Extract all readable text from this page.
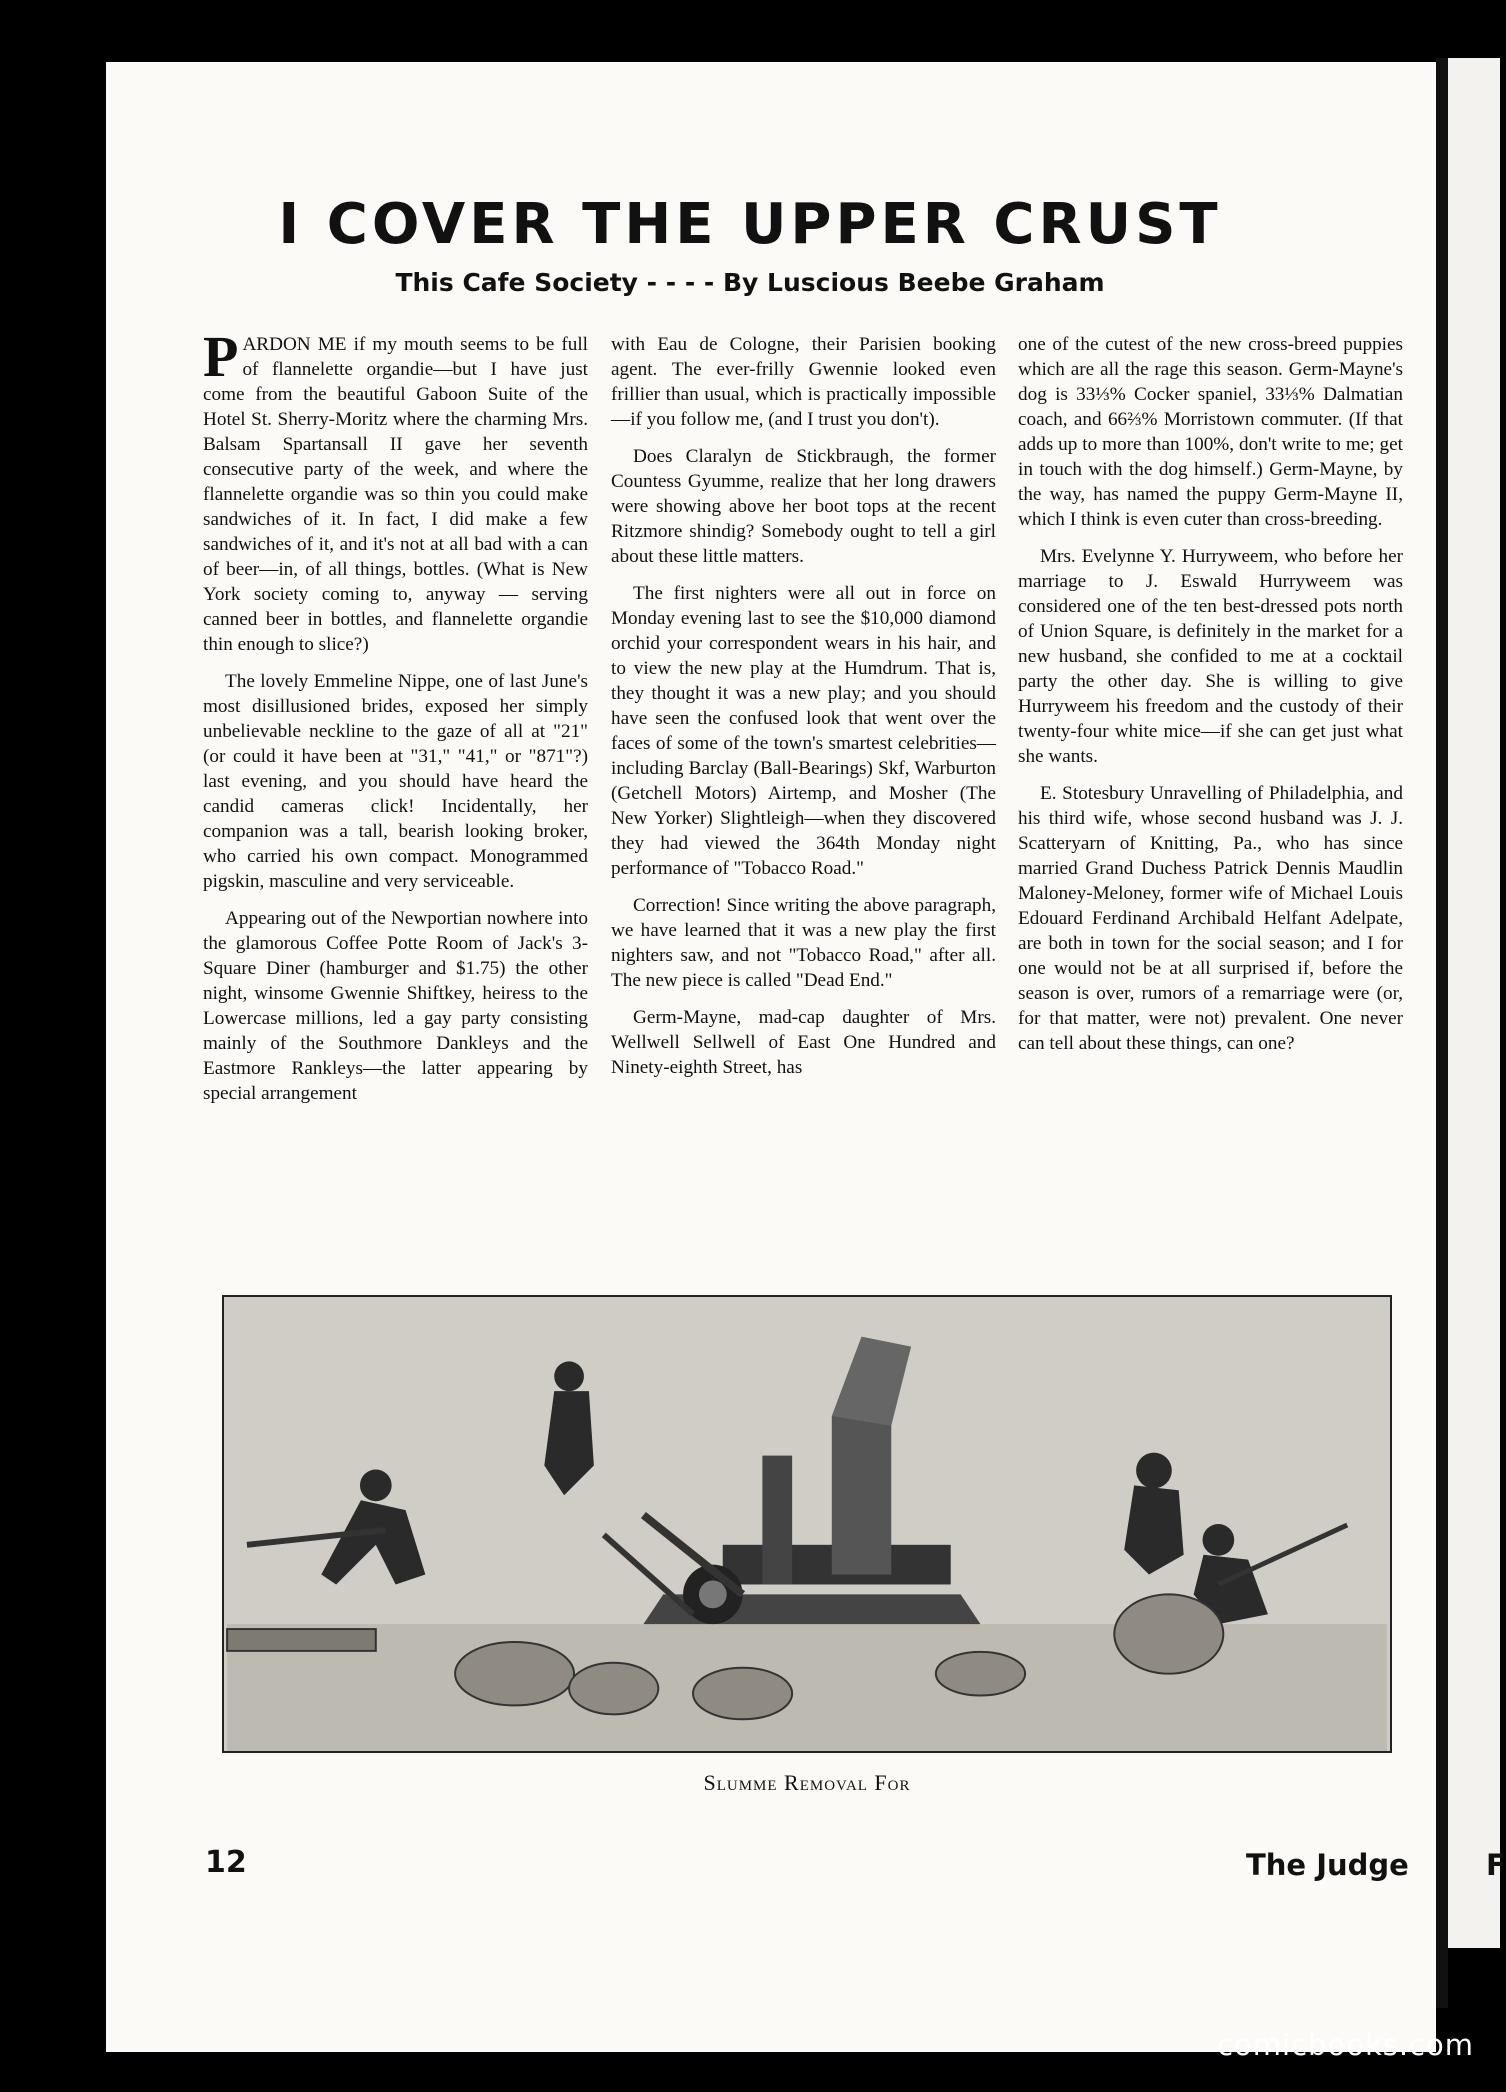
I COVER THE UPPER CRUST
This Cafe Society - - - - By Luscious Beebe Graham

PARDON ME if my mouth seems to be full of flannelette organdie—but I have just come from the beautiful Gaboon Suite of the Hotel St. Sherry-Moritz where the charming Mrs. Balsam Spartansall II gave her seventh consecutive party of the week, and where the flannelette organdie was so thin you could make sandwiches of it. In fact, I did make a few sandwiches of it, and it's not at all bad with a can of beer—in, of all things, bottles. (What is New York society coming to, anyway — serving canned beer in bottles, and flannelette organdie thin enough to slice?)

The lovely Emmeline Nippe, one of last June's most disillusioned brides, exposed her simply unbelievable neckline to the gaze of all at "21" (or could it have been at "31," "41," or "871"?) last evening, and you should have heard the candid cameras click! Incidentally, her companion was a tall, bearish looking broker, who carried his own compact. Monogrammed pigskin, masculine and very serviceable.

Appearing out of the Newportian nowhere into the glamorous Coffee Potte Room of Jack's 3-Square Diner (hamburger and $1.75) the other night, winsome Gwennie Shiftkey, heiress to the Lowercase millions, led a gay party consisting mainly of the Southmore Dankleys and the Eastmore Rankleys—the latter appearing by special arrangement

with Eau de Cologne, their Parisien booking agent. The ever-frilly Gwennie looked even frillier than usual, which is practically impossible—if you follow me, (and I trust you don't).

Does Claralyn de Stickbraugh, the former Countess Gyumme, realize that her long drawers were showing above her boot tops at the recent Ritzmore shindig? Somebody ought to tell a girl about these little matters.

The first nighters were all out in force on Monday evening last to see the $10,000 diamond orchid your correspondent wears in his hair, and to view the new play at the Humdrum. That is, they thought it was a new play; and you should have seen the confused look that went over the faces of some of the town's smartest celebrities—including Barclay (Ball-Bearings) Skf, Warburton (Getchell Motors) Airtemp, and Mosher (The New Yorker) Slightleigh—when they discovered they had viewed the 364th Monday night performance of "Tobacco Road."

Correction! Since writing the above paragraph, we have learned that it was a new play the first nighters saw, and not "Tobacco Road," after all. The new piece is called "Dead End."

Germ-Mayne, mad-cap daughter of Mrs. Wellwell Sellwell of East One Hundred and Ninety-eighth Street, has

one of the cutest of the new cross-breed puppies which are all the rage this season. Germ-Mayne's dog is 33⅓% Cocker spaniel, 33⅓% Dalmatian coach, and 66⅔% Morristown commuter. (If that adds up to more than 100%, don't write to me; get in touch with the dog himself.) Germ-Mayne, by the way, has named the puppy Germ-Mayne II, which I think is even cuter than cross-breeding.

Mrs. Evelynne Y. Hurryweem, who before her marriage to J. Eswald Hurryweem was considered one of the ten best-dressed pots north of Union Square, is definitely in the market for a new husband, she confided to me at a cocktail party the other day. She is willing to give Hurryweem his freedom and the custody of their twenty-four white mice—if she can get just what she wants.

E. Stotesbury Unravelling of Philadelphia, and his third wife, whose second husband was J. J. Scatteryarn of Knitting, Pa., who has since married Grand Duchess Patrick Dennis Maudlin Maloney-Meloney, former wife of Michael Louis Edouard Ferdinand Archibald Helfant Adelpate, are both in town for the social season; and I for one would not be at all surprised if, before the season is over, rumors of a remarriage were (or, for that matter, were not) prevalent. One never can tell about these things, can one?

Slumme Removal For
12	The Judge	F
comicbooks.com
